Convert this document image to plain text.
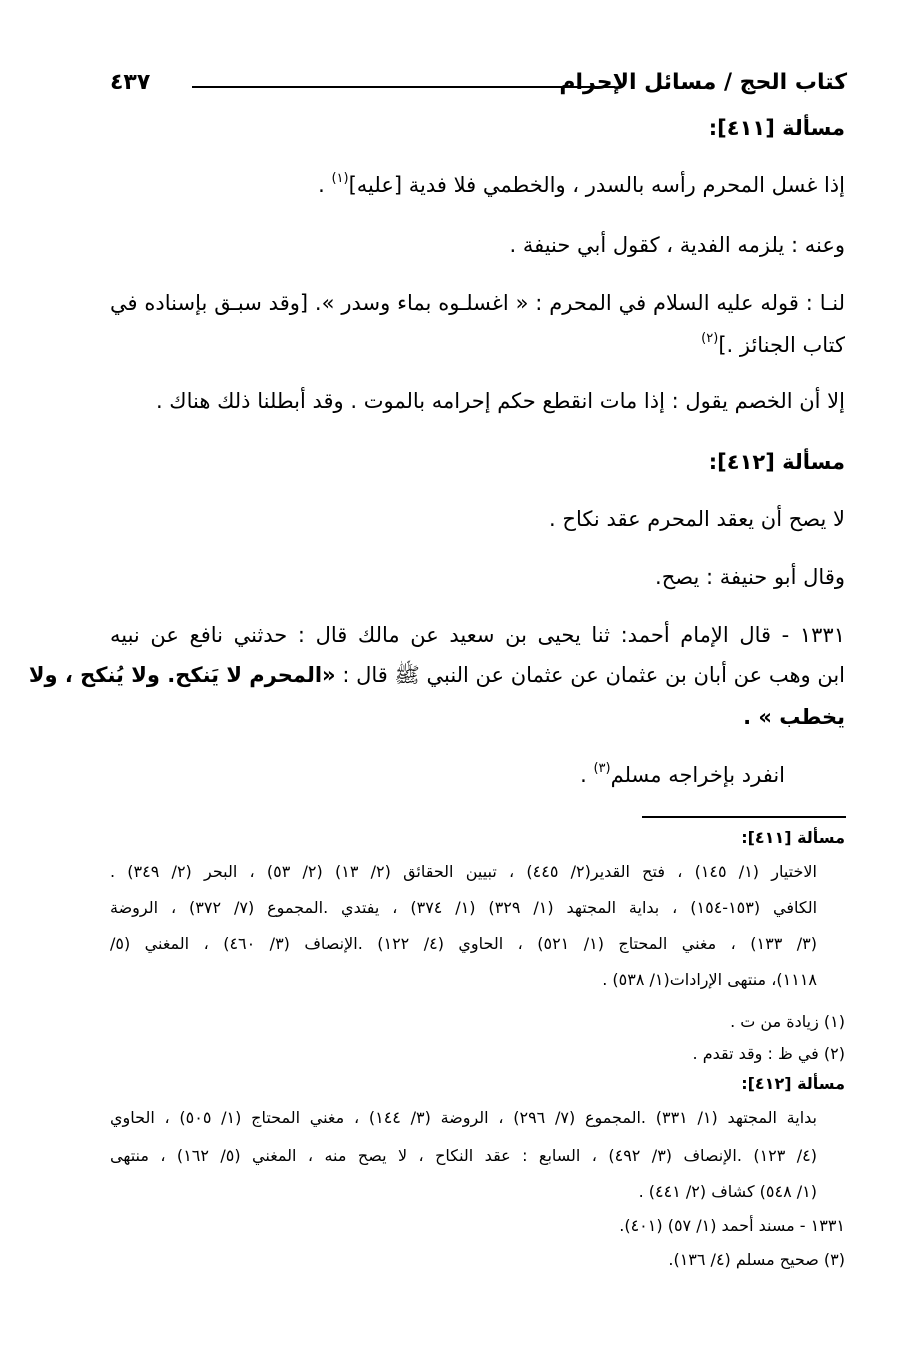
كتاب الحج / مسائل الإحرام
٤٣٧
مسألة [٤١١]:
إذا غسل المحرم رأسه بالسدر ، والخطمي فلا فدية [عليه]$^{(١)}$ .
وعنه : يلزمه الفدية ، كقول أبي حنيفة .
لنـا : قوله عليه السلام في المحرم : « اغسلـوه بماء وسدر ». [وقد سبـق بإسناده في
كتاب الجنائز .]$^{(٢)}$
إلا أن الخصم يقول : إذا مات انقطع حكم إحرامه بالموت . وقد أبطلنا ذلك هناك .
مسألة [٤١٢]:
لا يصح أن يعقد المحرم عقد نكاح .
وقال أبو حنيفة : يصح.
١٣٣١ - قال الإمام أحمد: ثنا يحيى بن سعيد عن مالك قال : حدثني نافع عن نبيه
ابن وهب عن أبان بن عثمان عن عثمان عن النبي ﷺ قال : «المحرم لا يَنكح. ولا يُنكح ، ولا
يخطب » .
انفرد بإخراجه مسلم$^{(٣)}$ .
مسألة [٤١١]:
الاختيار (١/ ١٤٥) ، فتح القدير(٢/ ٤٤٥) ، تبيين الحقائق (٢/ ١٣) (٢/ ٥٣) ، البحر (٢/ ٣٤٩) .
الكافي (١٥٣-١٥٤) ، بداية المجتهد (١/ ٣٢٩) (١/ ٣٧٤) ، يفتدي .المجموع (٧/ ٣٧٢) ، الروضة
(٣/ ١٣٣) ، مغني المحتاج (١/ ٥٢١) ، الحاوي (٤/ ١٢٢) .الإنصاف (٣/ ٤٦٠) ، المغني (٥/
١١١٨)، منتهى الإرادات(١/ ٥٣٨) .
(١) زيادة من ت .
(٢) في ظ : وقد تقدم .
مسألة [٤١٢]:
بداية المجتهد (١/ ٣٣١) .المجموع (٧/ ٢٩٦) ، الروضة (٣/ ١٤٤) ، مغني المحتاج (١/ ٥٠٥) ، الحاوي
(٤/ ١٢٣) .الإنصاف (٣/ ٤٩٢) ، السابع : عقد النكاح ، لا يصح منه ، المغني (٥/ ١٦٢) ، منتهى
(١/ ٥٤٨) كشاف (٢/ ٤٤١) .
١٣٣١ - مسند أحمد (١/ ٥٧) (٤٠١).
(٣) صحيح مسلم (٤/ ١٣٦).
